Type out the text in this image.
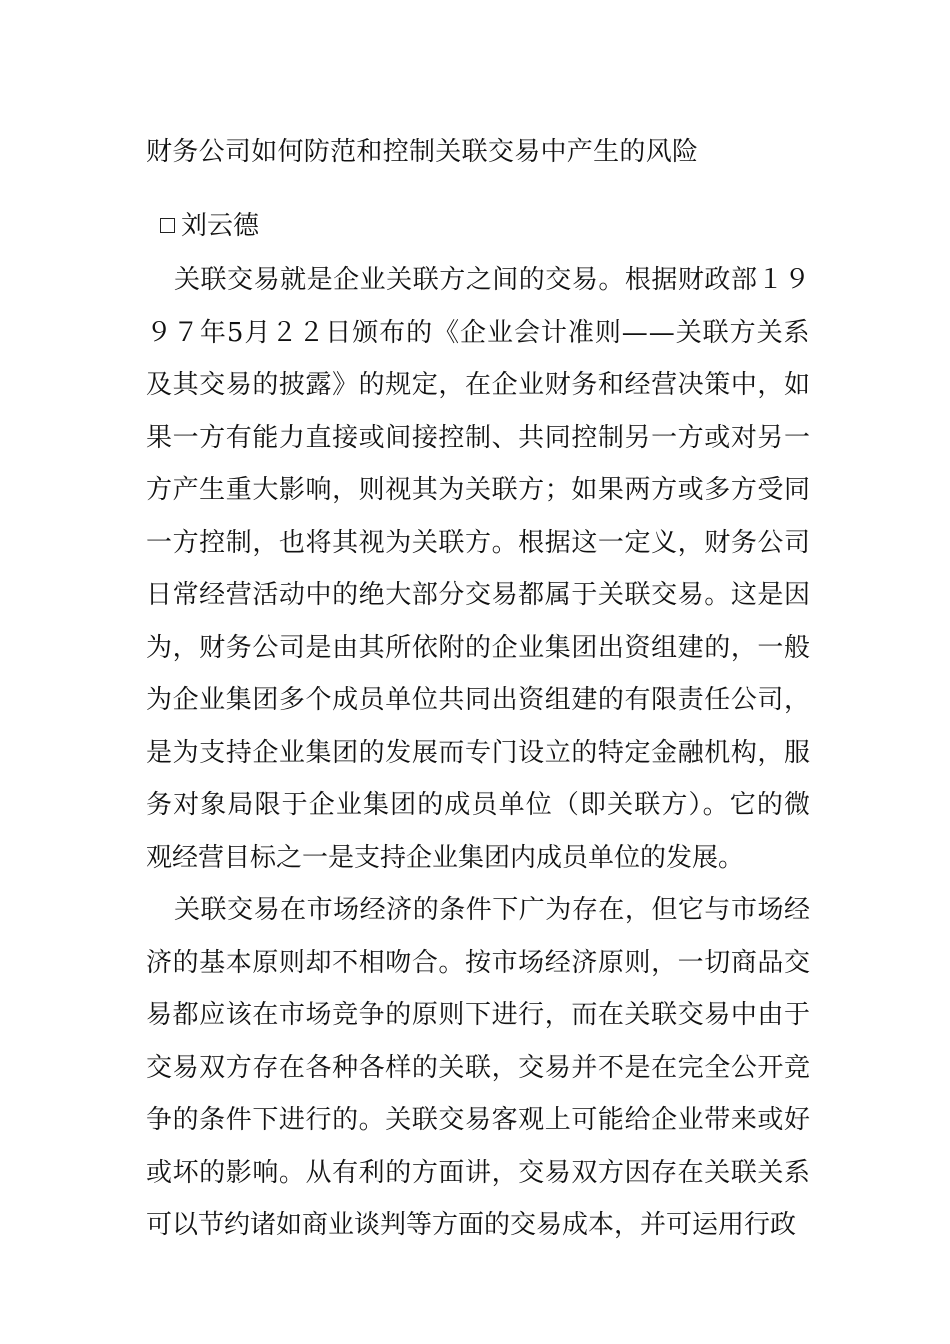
财务公司如何防范和控制关联交易中产生的风险
刘云德
关联交易就是企业关联方之间的交易。根据财政部１９
９７年5月２２日颁布的《企业会计准则——关联方关系
及其交易的披露》的规定，在企业财务和经营决策中，如
果一方有能力直接或间接控制、共同控制另一方或对另一
方产生重大影响，则视其为关联方；如果两方或多方受同
一方控制，也将其视为关联方。根据这一定义，财务公司
日常经营活动中的绝大部分交易都属于关联交易。这是因
为，财务公司是由其所依附的企业集团出资组建的，一般
为企业集团多个成员单位共同出资组建的有限责任公司，
是为支持企业集团的发展而专门设立的特定金融机构，服
务对象局限于企业集团的成员单位（即关联方）。它的微
观经营目标之一是支持企业集团内成员单位的发展。
关联交易在市场经济的条件下广为存在，但它与市场经
济的基本原则却不相吻合。按市场经济原则，一切商品交
易都应该在市场竞争的原则下进行，而在关联交易中由于
交易双方存在各种各样的关联，交易并不是在完全公开竞
争的条件下进行的。关联交易客观上可能给企业带来或好
或坏的影响。从有利的方面讲，交易双方因存在关联关系
可以节约诸如商业谈判等方面的交易成本，并可运用行政
